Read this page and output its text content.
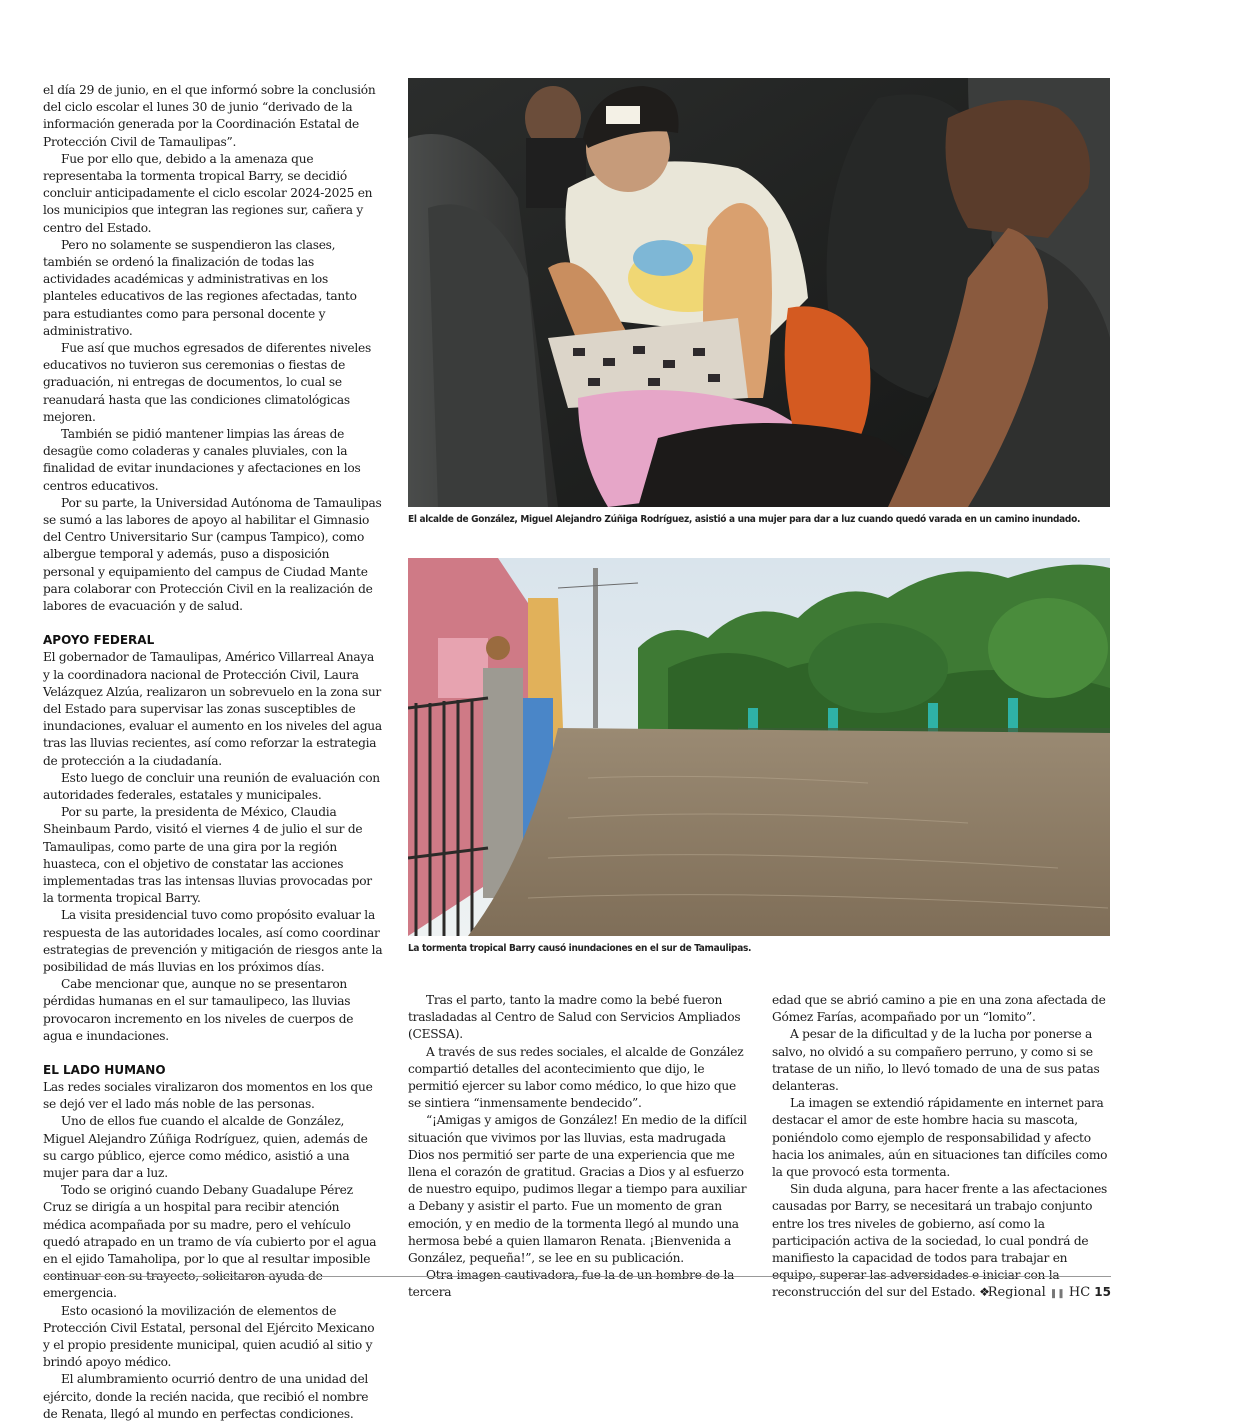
el día 29 de junio, en el que informó sobre la conclusión del ciclo escolar el lunes 30 de junio “derivado de la información generada por la Coordinación Estatal de Protección Civil de Tamaulipas”.

Fue por ello que, debido a la amenaza que representaba la tormenta tropical Barry, se decidió concluir anticipadamente el ciclo escolar 2024-2025 en los municipios que integran las regiones sur, cañera y centro del Estado.

Pero no solamente se suspendieron las clases, también se ordenó la finalización de todas las actividades académicas y administrativas en los planteles educativos de las regiones afectadas, tanto para estudiantes como para personal docente y administrativo.

Fue así que muchos egresados de diferentes niveles educativos no tuvieron sus ceremonias o fiestas de graduación, ni entregas de documentos, lo cual se reanudará hasta que las condiciones climatológicas mejoren.

También se pidió mantener limpias las áreas de desagüe como coladeras y canales pluviales, con la finalidad de evitar inundaciones y afectaciones en los centros educativos.

Por su parte, la Universidad Autónoma de Tamaulipas se sumó a las labores de apoyo al habilitar el Gimnasio del Centro Universitario Sur (campus Tampico), como albergue temporal y además, puso a disposición personal y equipamiento del campus de Ciudad Mante para colaborar con Protección Civil en la realización de labores de evacuación y de salud.

APOYO FEDERAL

El gobernador de Tamaulipas, Américo Villarreal Anaya y la coordinadora nacional de Protección Civil, Laura Velázquez Alzúa, realizaron un sobrevuelo en la zona sur del Estado para supervisar las zonas susceptibles de inundaciones, evaluar el aumento en los niveles del agua tras las lluvias recientes, así como reforzar la estrategia de protección a la ciudadanía.

Esto luego de concluir una reunión de evaluación con autoridades federales, estatales y municipales.

Por su parte, la presidenta de México, Claudia Sheinbaum Pardo, visitó el viernes 4 de julio el sur de Tamaulipas, como parte de una gira por la región huasteca, con el objetivo de constatar las acciones implementadas tras las intensas lluvias provocadas por la tormenta tropical Barry.

La visita presidencial tuvo como propósito evaluar la respuesta de las autoridades locales, así como coordinar estrategias de prevención y mitigación de riesgos ante la posibilidad de más lluvias en los próximos días.

Cabe mencionar que, aunque no se presentaron pérdidas humanas en el sur tamaulipeco, las lluvias provocaron incremento en los niveles de cuerpos de agua e inundaciones.

EL LADO HUMANO

Las redes sociales viralizaron dos momentos en los que se dejó ver el lado más noble de las personas.

Uno de ellos fue cuando el alcalde de González, Miguel Alejandro Zúñiga Rodríguez, quien, además de su cargo público, ejerce como médico, asistió a una mujer para dar a luz.

Todo se originó cuando Debany Guadalupe Pérez Cruz se dirigía a un hospital para recibir atención médica acompañada por su madre, pero el vehículo quedó atrapado en un tramo de vía cubierto por el agua en el ejido Tamaholipa, por lo que al resultar imposible continuar con su trayecto, solicitaron ayuda de emergencia.

Esto ocasionó la movilización de elementos de Protección Civil Estatal, personal del Ejército Mexicano y el propio presidente municipal, quien acudió al sitio y brindó apoyo médico.

El alumbramiento ocurrió dentro de una unidad del ejército, donde la recién nacida, que recibió el nombre de Renata, llegó al mundo en perfectas condiciones.

El alcalde de González, Miguel Alejandro Zúñiga Rodríguez, asistió a una mujer para dar a luz cuando quedó varada en un camino inundado.
La tormenta tropical Barry causó inundaciones en el sur de Tamaulipas.

Tras el parto, tanto la madre como la bebé fueron trasladadas al Centro de Salud con Servicios Ampliados (CESSA).

A través de sus redes sociales, el alcalde de González compartió detalles del acontecimiento que dijo, le permitió ejercer su labor como médico, lo que hizo que se sintiera “inmensamente bendecido”.

“¡Amigas y amigos de González! En medio de la difícil situación que vivimos por las lluvias, esta madrugada Dios nos permitió ser parte de una experiencia que me llena el corazón de gratitud. Gracias a Dios y al esfuerzo de nuestro equipo, pudimos llegar a tiempo para auxiliar a Debany y asistir el parto. Fue un momento de gran emoción, y en medio de la tormenta llegó al mundo una hermosa bebé a quien llamaron Renata. ¡Bienvenida a González, pequeña!”, se lee en su publicación.

Otra imagen cautivadora, fue la de un hombre de la tercera

edad que se abrió camino a pie en una zona afectada de Gómez Farías, acompañado por un “lomito”.

A pesar de la dificultad y de la lucha por ponerse a salvo, no olvidó a su compañero perruno, y como si se tratase de un niño, lo llevó tomado de una de sus patas delanteras.

La imagen se extendió rápidamente en internet para destacar el amor de este hombre hacia su mascota, poniéndolo como ejemplo de responsabilidad y afecto hacia los animales, aún en situaciones tan difíciles como la que provocó esta tormenta.

Sin duda alguna, para hacer frente a las afectaciones causadas por Barry, se necesitará un trabajo conjunto entre los tres niveles de gobierno, así como la participación activa de la sociedad, lo cual pondrá de manifiesto la capacidad de todos para trabajar en equipo, superar las adversidades e iniciar con la reconstrucción del sur del Estado. ❖

Regional ❚❚ HC 15
